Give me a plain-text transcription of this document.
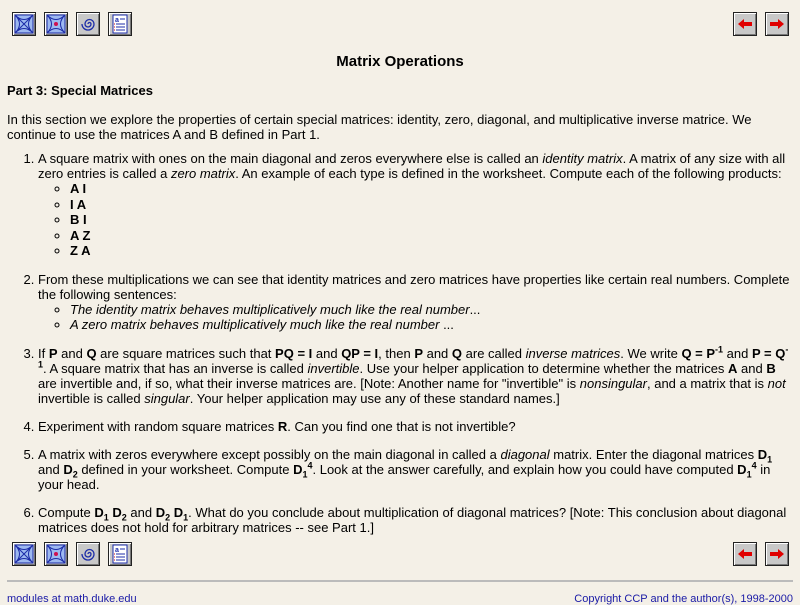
a
Matrix Operations
Part 3: Special Matrices

In this section we explore the properties of certain special matrices: identity, zero, diagonal, and multiplicative inverse matrice. We continue to use the matrices A and B defined in Part 1.

1. A square matrix with ones on the main diagonal and zeros everywhere else is called an identity matrix. A matrix of any size with all zero entries is called a zero matrix. An example of each type is defined in the worksheet. Compute each of the following products:
◦ A I
◦ I A
◦ B I
◦ A Z
◦ Z A
2. From these multiplications we can see that identity matrices and zero matrices have properties like certain real numbers. Complete the following sentences:
◦ The identity matrix behaves multiplicatively much like the real number...
◦ A zero matrix behaves multiplicatively much like the real number ...
3. If P and Q are square matrices such that PQ = I and QP = I, then P and Q are called inverse matrices. We write $Q = P^{-1}$ and $P = Q^{-1}$. A square matrix that has an inverse is called invertible. Use your helper application to determine whether the matrices A and B are invertible and, if so, what their inverse matrices are. [Note: Another name for "invertible" is nonsingular, and a matrix that is not invertible is called singular. Your helper application may use any of these standard names.]
4. Experiment with random square matrices R. Can you find one that is not invertible?
5. A matrix with zeros everywhere except possibly on the main diagonal in called a diagonal matrix. Enter the diagonal matrices $D_1$ and $D_2$ defined in your worksheet. Compute $D_1^4$. Look at the answer carefully, and explain how you could have computed $D_1^4$ in your head.
6. Compute $D_1$ $D_2$ and $D_2$ $D_1$. What do you conclude about multiplication of diagonal matrices? [Note: This conclusion about diagonal matrices does not hold for arbitrary matrices -- see Part 1.]
a
modules at math.duke.edu	Copyright CCP and the author(s), 1998-2000
